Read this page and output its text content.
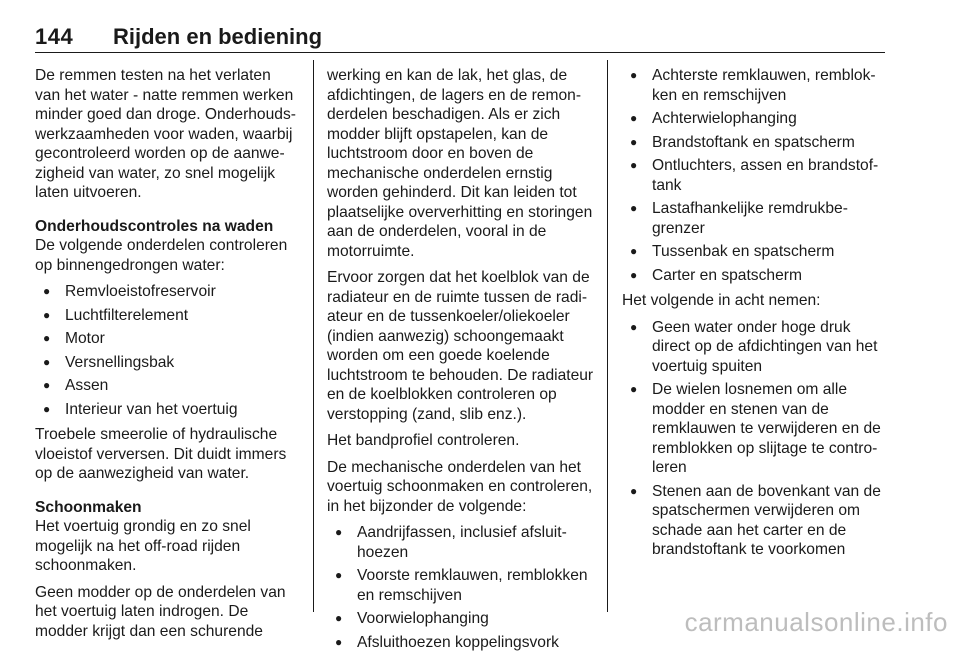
144 Rijden en bediening

De remmen testen na het verlaten van het water - natte remmen werken minder goed dan droge. Onderhoudswerkzaamheden voor waden, waarbij gecontroleerd worden op de aanwezigheid van water, zo snel mogelijk laten uitvoeren.

Onderhoudscontroles na waden

De volgende onderdelen controleren op binnengedrongen water:

● Remvloeistofreservoir
● Luchtfilterelement
● Motor
● Versnellingsbak
● Assen
● Interieur van het voertuig

Troebele smeerolie of hydraulische vloeistof verversen. Dit duidt immers op de aanwezigheid van water.

Schoonmaken

Het voertuig grondig en zo snel mogelijk na het off-road rijden schoonmaken.

Geen modder op de onderdelen van het voertuig laten indrogen. De modder krijgt dan een schurende

werking en kan de lak, het glas, de afdichtingen, de lagers en de remonderdelen beschadigen. Als er zich modder blijft opstapelen, kan de luchtstroom door en boven de mechanische onderdelen ernstig worden gehinderd. Dit kan leiden tot plaatselijke oververhitting en storingen aan de onderdelen, vooral in de motorruimte.

Ervoor zorgen dat het koelblok van de radiateur en de ruimte tussen de radiateur en de tussenkoeler/oliekoeler (indien aanwezig) schoongemaakt worden om een goede koelende luchtstroom te behouden. De radiateur en de koelblokken controleren op verstopping (zand, slib enz.).

Het bandprofiel controleren.

De mechanische onderdelen van het voertuig schoonmaken en controleren, in het bijzonder de volgende:

● Aandrijfassen, inclusief afsluithoezen
● Voorste remklauwen, remblokken en remschijven
● Voorwielophanging
● Afsluithoezen koppelingsvork
● Achterste remklauwen, remblokken en remschijven
● Achterwielophanging
● Brandstoftank en spatscherm
● Ontluchters, assen en brandstoftank
● Lastafhankelijke remdrukbegrenzer
● Tussenbak en spatscherm
● Carter en spatscherm

Het volgende in acht nemen:

● Geen water onder hoge druk direct op de afdichtingen van het voertuig spuiten
● De wielen losnemen om alle modder en stenen van de remklauwen te verwijderen en de remblokken op slijtage te controleren
● Stenen aan de bovenkant van de spatschermen verwijderen om schade aan het carter en de brandstoftank te voorkomen
carmanualsonline.info
